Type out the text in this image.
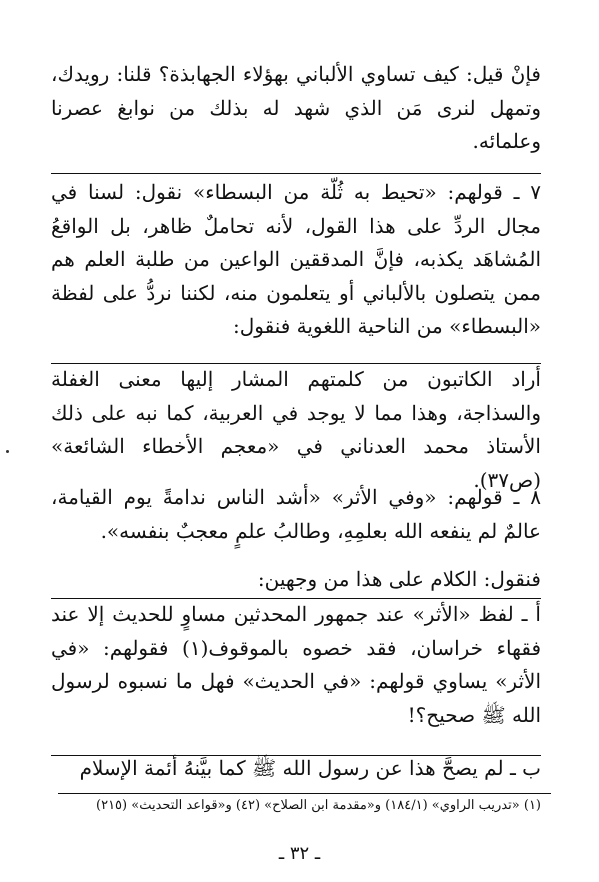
فإنْ قيل: كيف تساوي الألباني بهؤلاء الجهابذة؟ قلنا: رويدك، وتمهل لنرى مَن الذي شهد له بذلك من نوابغ عصرنا وعلمائه.

٧ ـ قولهم: «تحيط به ثُلّة من البسطاء» نقول: لسنا في مجال الردِّ على هذا القول، لأنه تحاملٌ ظاهر، بل الواقعُ المُشاهَد يكذبه، فإنَّ المدققين الواعين من طلبة العلم هم ممن يتصلون بالألباني أو يتعلمون منه، لكننا نردُّ على لفظة «البسطاء» من الناحية اللغوية فنقول:

أراد الكاتبون من كلمتهم المشار إليها معنى الغفلة والسذاجة، وهذا مما لا يوجد في العربية، كما نبه على ذلك الأستاذ محمد العدناني في «معجم الأخطاء الشائعة» (ص٣٧).

٨ ـ قولهم: «وفي الأثر» «أشد الناس ندامةً يوم القيامة، عالمٌ لم ينفعه الله بعلمِهِ، وطالبُ علمٍ معجبٌ بنفسه».

فنقول: الكلام على هذا من وجهين:

أ ـ لفظ «الأثر» عند جمهور المحدثين مساوٍ للحديث إلا عند فقهاء خراسان، فقد خصوه بالموقوف(١) فقولهم: «في الأثر» يساوي قولهم: «في الحديث» فهل ما نسبوه لرسول الله ﷺ صحيح؟!

ب ـ لم يصحَّ هذا عن رسول الله ﷺ كما بيَّنهُ أئمة الإسلام

(١) «تدريب الراوي» (١٨٤/١) و«مقدمة ابن الصلاح» (٤٢) و«قواعد التحديث» (٢١٥)
ـ ٣٢ ـ
